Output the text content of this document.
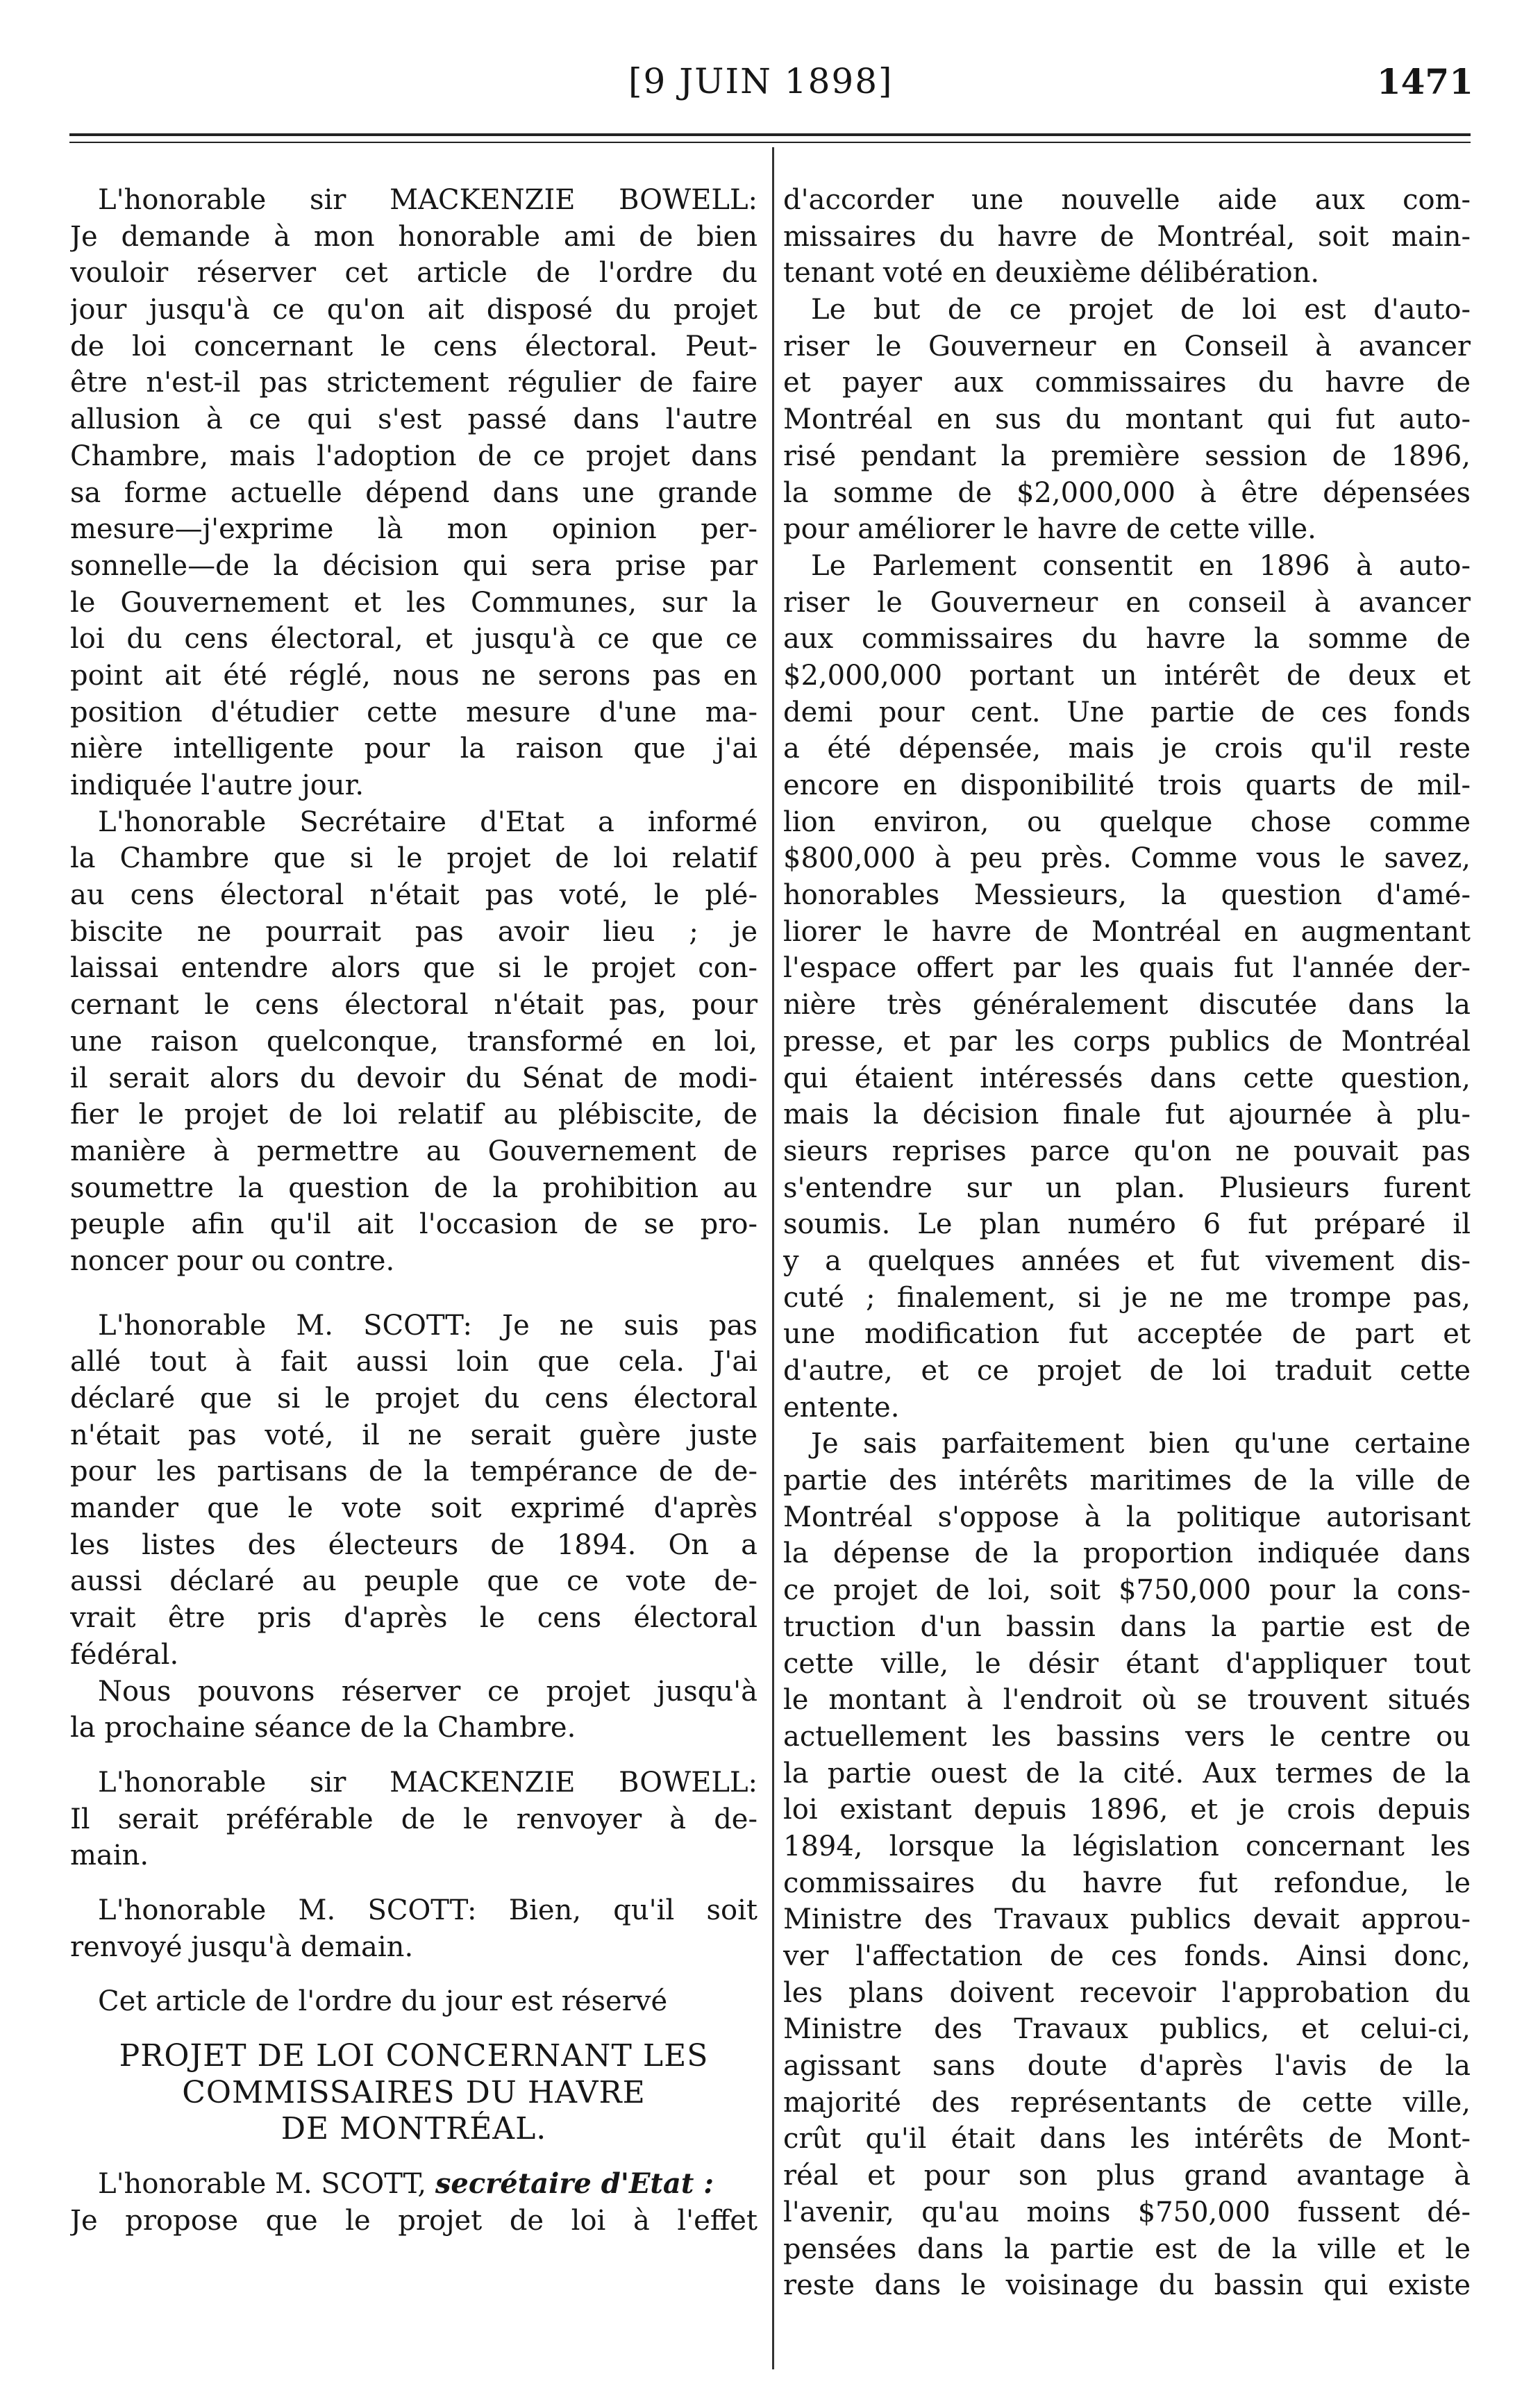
[9 JUIN 1898]	1471
L'honorable sir MACKENZIE BOWELL:
Je demande à mon honorable ami de bien
vouloir réserver cet article de l'ordre du
jour jusqu'à ce qu'on ait disposé du projet
de loi concernant le cens électoral. Peut-
être n'est-il pas strictement régulier de faire
allusion à ce qui s'est passé dans l'autre
Chambre, mais l'adoption de ce projet dans
sa forme actuelle dépend dans une grande
mesure—j'exprime là mon opinion per-
sonnelle—de la décision qui sera prise par
le Gouvernement et les Communes, sur la
loi du cens électoral, et jusqu'à ce que ce
point ait été réglé, nous ne serons pas en
position d'étudier cette mesure d'une ma-
nière intelligente pour la raison que j'ai
indiquée l'autre jour.
L'honorable Secrétaire d'Etat a informé
la Chambre que si le projet de loi relatif
au cens électoral n'était pas voté, le plé-
biscite ne pourrait pas avoir lieu ; je
laissai entendre alors que si le projet con-
cernant le cens électoral n'était pas, pour
une raison quelconque, transformé en loi,
il serait alors du devoir du Sénat de modi-
fier le projet de loi relatif au plébiscite, de
manière à permettre au Gouvernement de
soumettre la question de la prohibition au
peuple afin qu'il ait l'occasion de se pro-
noncer pour ou contre.
L'honorable M. SCOTT: Je ne suis pas
allé tout à fait aussi loin que cela. J'ai
déclaré que si le projet du cens électoral
n'était pas voté, il ne serait guère juste
pour les partisans de la tempérance de de-
mander que le vote soit exprimé d'après
les listes des électeurs de 1894. On a
aussi déclaré au peuple que ce vote de-
vrait être pris d'après le cens électoral
fédéral.
Nous pouvons réserver ce projet jusqu'à
la prochaine séance de la Chambre.
L'honorable sir MACKENZIE BOWELL:
Il serait préférable de le renvoyer à de-
main.
L'honorable M. SCOTT: Bien, qu'il soit
renvoyé jusqu'à demain.
Cet article de l'ordre du jour est réservé
PROJET DE LOI CONCERNANT LES
COMMISSAIRES DU HAVRE
DE MONTRÉAL.
L'honorable M. SCOTT, secrétaire d'Etat :
Je propose que le projet de loi à l'effet
d'accorder une nouvelle aide aux com-
missaires du havre de Montréal, soit main-
tenant voté en deuxième délibération.
Le but de ce projet de loi est d'auto-
riser le Gouverneur en Conseil à avancer
et payer aux commissaires du havre de
Montréal en sus du montant qui fut auto-
risé pendant la première session de 1896,
la somme de $2,000,000 à être dépensées
pour améliorer le havre de cette ville.
Le Parlement consentit en 1896 à auto-
riser le Gouverneur en conseil à avancer
aux commissaires du havre la somme de
$2,000,000 portant un intérêt de deux et
demi pour cent. Une partie de ces fonds
a été dépensée, mais je crois qu'il reste
encore en disponibilité trois quarts de mil-
lion environ, ou quelque chose comme
$800,000 à peu près. Comme vous le savez,
honorables Messieurs, la question d'amé-
liorer le havre de Montréal en augmentant
l'espace offert par les quais fut l'année der-
nière très généralement discutée dans la
presse, et par les corps publics de Montréal
qui étaient intéressés dans cette question,
mais la décision finale fut ajournée à plu-
sieurs reprises parce qu'on ne pouvait pas
s'entendre sur un plan. Plusieurs furent
soumis. Le plan numéro 6 fut préparé il
y a quelques années et fut vivement dis-
cuté ; finalement, si je ne me trompe pas,
une modification fut acceptée de part et
d'autre, et ce projet de loi traduit cette
entente.
Je sais parfaitement bien qu'une certaine
partie des intérêts maritimes de la ville de
Montréal s'oppose à la politique autorisant
la dépense de la proportion indiquée dans
ce projet de loi, soit $750,000 pour la cons-
truction d'un bassin dans la partie est de
cette ville, le désir étant d'appliquer tout
le montant à l'endroit où se trouvent situés
actuellement les bassins vers le centre ou
la partie ouest de la cité. Aux termes de la
loi existant depuis 1896, et je crois depuis
1894, lorsque la législation concernant les
commissaires du havre fut refondue, le
Ministre des Travaux publics devait approu-
ver l'affectation de ces fonds. Ainsi donc,
les plans doivent recevoir l'approbation du
Ministre des Travaux publics, et celui-ci,
agissant sans doute d'après l'avis de la
majorité des représentants de cette ville,
crût qu'il était dans les intérêts de Mont-
réal et pour son plus grand avantage à
l'avenir, qu'au moins $750,000 fussent dé-
pensées dans la partie est de la ville et le
reste dans le voisinage du bassin qui existe
